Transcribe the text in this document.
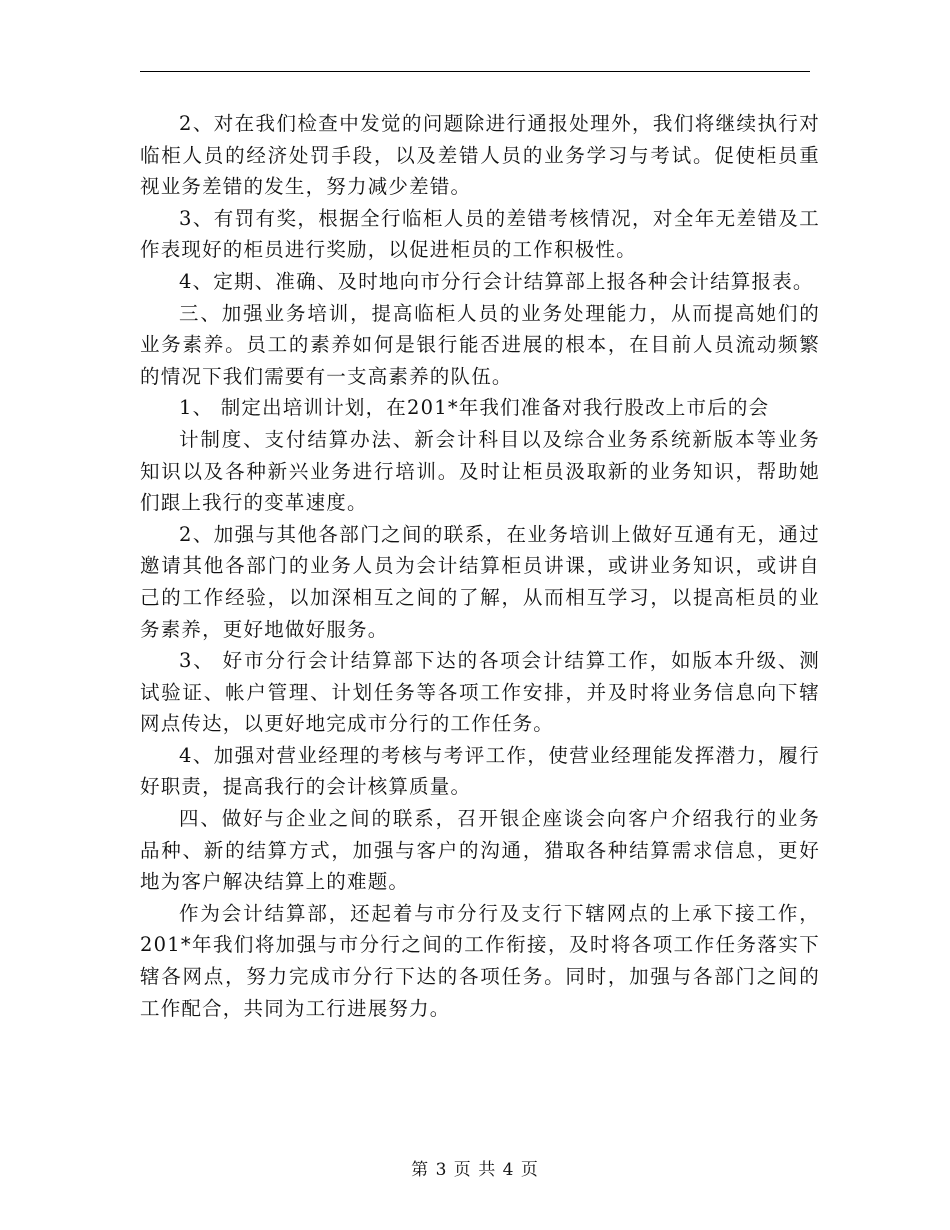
2、对在我们检查中发觉的问题除进行通报处理外，我们将继续执行对临柜人员的经济处罚手段，以及差错人员的业务学习与考试。促使柜员重视业务差错的发生，努力减少差错。

3、有罚有奖，根据全行临柜人员的差错考核情况，对全年无差错及工作表现好的柜员进行奖励，以促进柜员的工作积极性。

4、定期、准确、及时地向市分行会计结算部上报各种会计结算报表。

三、加强业务培训，提高临柜人员的业务处理能力，从而提高她们的业务素养。员工的素养如何是银行能否进展的根本，在目前人员流动频繁的情况下我们需要有一支高素养的队伍。

1、 制定出培训计划，在201*年我们准备对我行股改上市后的会

计制度、支付结算办法、新会计科目以及综合业务系统新版本等业务知识以及各种新兴业务进行培训。及时让柜员汲取新的业务知识，帮助她们跟上我行的变革速度。

2、加强与其他各部门之间的联系，在业务培训上做好互通有无，通过邀请其他各部门的业务人员为会计结算柜员讲课，或讲业务知识，或讲自己的工作经验，以加深相互之间的了解，从而相互学习，以提高柜员的业务素养，更好地做好服务。

3、 好市分行会计结算部下达的各项会计结算工作，如版本升级、测试验证、帐户管理、计划任务等各项工作安排，并及时将业务信息向下辖网点传达，以更好地完成市分行的工作任务。

4、加强对营业经理的考核与考评工作，使营业经理能发挥潜力，履行好职责，提高我行的会计核算质量。

四、做好与企业之间的联系，召开银企座谈会向客户介绍我行的业务品种、新的结算方式，加强与客户的沟通，猎取各种结算需求信息，更好地为客户解决结算上的难题。

作为会计结算部，还起着与市分行及支行下辖网点的上承下接工作，201*年我们将加强与市分行之间的工作衔接，及时将各项工作任务落实下辖各网点，努力完成市分行下达的各项任务。同时，加强与各部门之间的工作配合，共同为工行进展努力。

第 3 页 共 4 页
